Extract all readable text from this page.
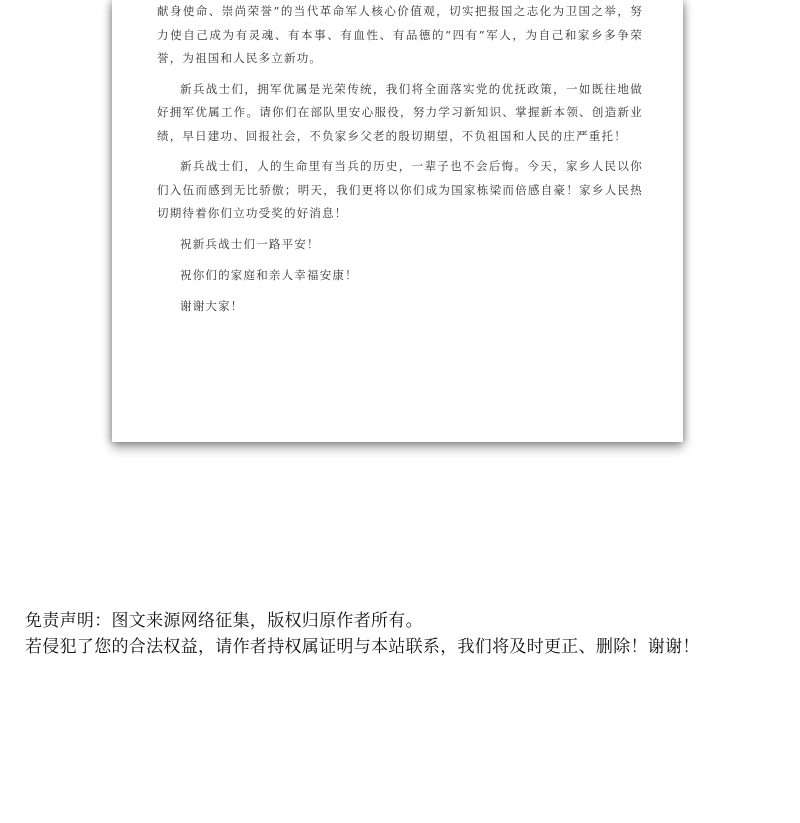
献身使命、崇尚荣誉”的当代革命军人核心价值观，切实把报国之志化为卫国之举，努力使自己成为有灵魂、有本事、有血性、有品德的“四有”军人，为自己和家乡多争荣誉，为祖国和人民多立新功。

新兵战士们，拥军优属是光荣传统，我们将全面落实党的优抚政策，一如既往地做好拥军优属工作。请你们在部队里安心服役，努力学习新知识、掌握新本领、创造新业绩，早日建功、回报社会，不负家乡父老的殷切期望，不负祖国和人民的庄严重托！

新兵战士们，人的生命里有当兵的历史，一辈子也不会后悔。今天，家乡人民以你们入伍而感到无比骄傲；明天，我们更将以你们成为国家栋梁而倍感自豪！家乡人民热切期待着你们立功受奖的好消息！

祝新兵战士们一路平安！

祝你们的家庭和亲人幸福安康！

谢谢大家！

免责声明：图文来源网络征集，版权归原作者所有。
若侵犯了您的合法权益，请作者持权属证明与本站联系，我们将及时更正、删除！谢谢！
